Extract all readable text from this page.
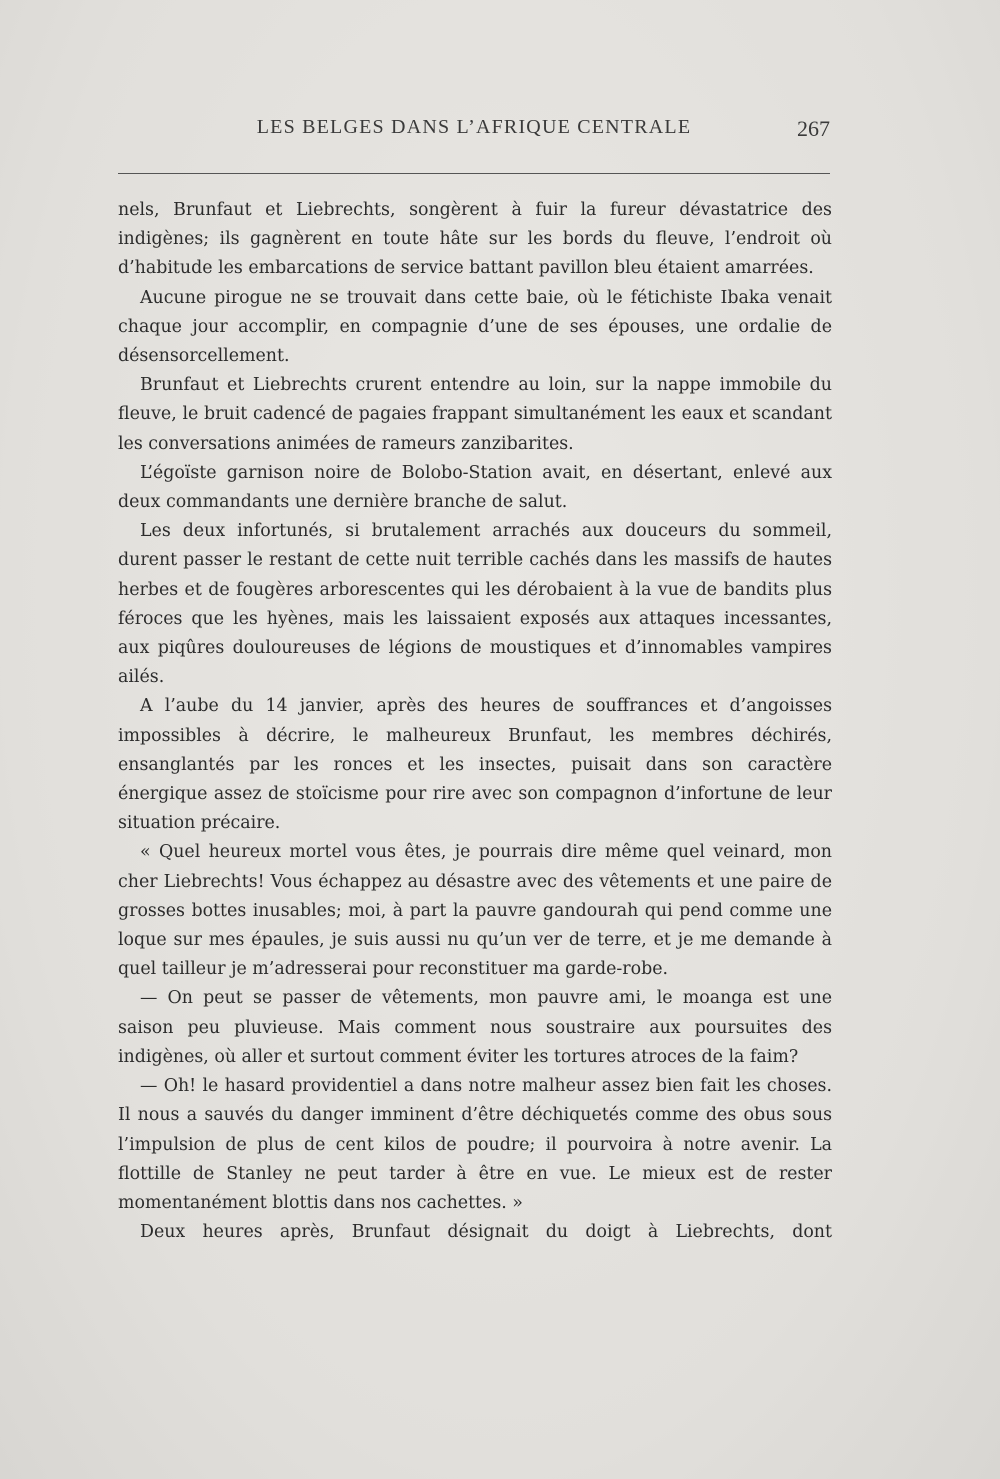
LES BELGES DANS L’AFRIQUE CENTRALE	267

nels, Brunfaut et Liebrechts, songèrent à fuir la fureur dévastatrice des indigènes; ils gagnèrent en toute hâte sur les bords du fleuve, l’endroit où d’habitude les embarcations de service battant pavillon bleu étaient amarrées.

Aucune pirogue ne se trouvait dans cette baie, où le fétichiste Ibaka venait chaque jour accomplir, en compagnie d’une de ses épouses, une ordalie de désensorcellement.

Brunfaut et Liebrechts crurent entendre au loin, sur la nappe immobile du fleuve, le bruit cadencé de pagaies frappant simultanément les eaux et scandant les conversations animées de rameurs zanzibarites.

L’égoïste garnison noire de Bolobo-Station avait, en désertant, enlevé aux deux commandants une dernière branche de salut.

Les deux infortunés, si brutalement arrachés aux douceurs du sommeil, durent passer le restant de cette nuit terrible cachés dans les massifs de hautes herbes et de fougères arborescentes qui les dérobaient à la vue de bandits plus féroces que les hyènes, mais les laissaient exposés aux attaques incessantes, aux piqûres douloureuses de légions de moustiques et d’innomables vampires ailés.

A l’aube du 14 janvier, après des heures de souffrances et d’angoisses impossibles à décrire, le malheureux Brunfaut, les membres déchirés, ensanglantés par les ronces et les insectes, puisait dans son caractère énergique assez de stoïcisme pour rire avec son compagnon d’infortune de leur situation précaire.

« Quel heureux mortel vous êtes, je pourrais dire même quel veinard, mon cher Liebrechts! Vous échappez au désastre avec des vêtements et une paire de grosses bottes inusables; moi, à part la pauvre gandourah qui pend comme une loque sur mes épaules, je suis aussi nu qu’un ver de terre, et je me demande à quel tailleur je m’adresserai pour reconstituer ma garde-robe.

— On peut se passer de vêtements, mon pauvre ami, le moanga est une saison peu pluvieuse. Mais comment nous soustraire aux poursuites des indigènes, où aller et surtout comment éviter les tortures atroces de la faim?

— Oh! le hasard providentiel a dans notre malheur assez bien fait les choses. Il nous a sauvés du danger imminent d’être déchiquetés comme des obus sous l’impulsion de plus de cent kilos de poudre; il pourvoira à notre avenir. La flottille de Stanley ne peut tarder à être en vue. Le mieux est de rester momentanément blottis dans nos cachettes. »

Deux heures après, Brunfaut désignait du doigt à Liebrechts, dont
